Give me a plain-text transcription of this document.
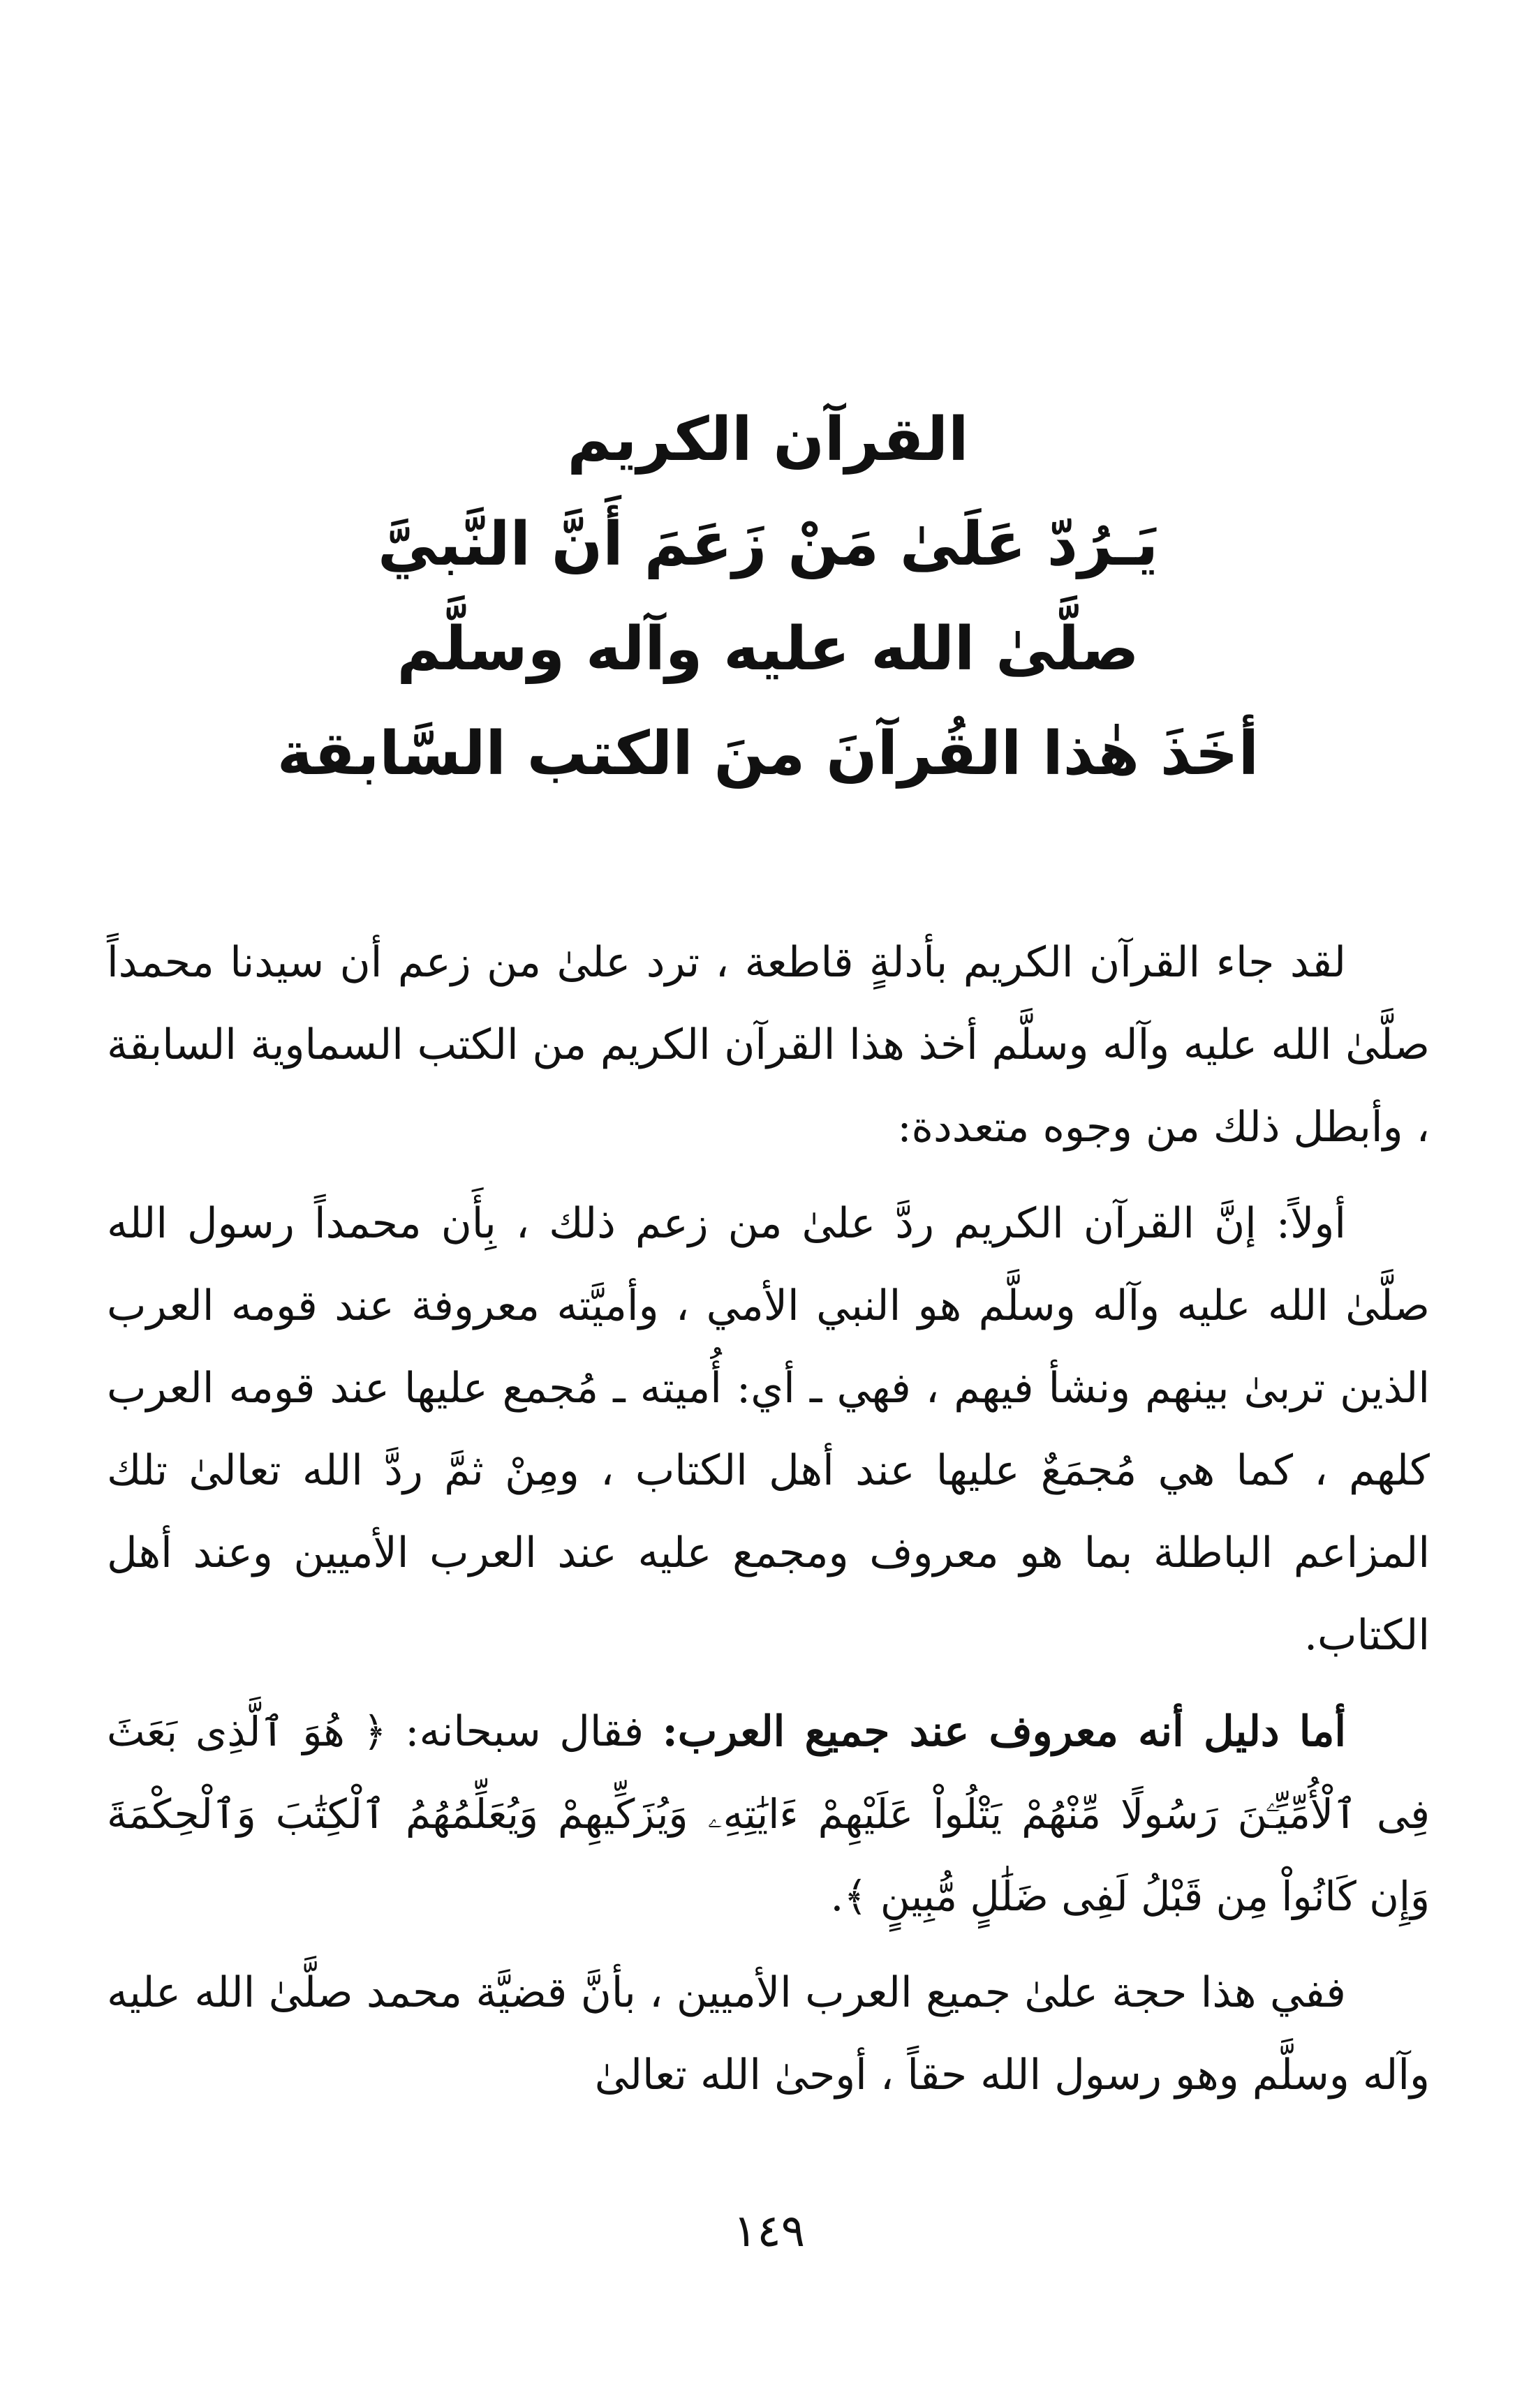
القرآن الكريم
يَـرُدّ عَلَىٰ مَنْ زَعَمَ أَنَّ النَّبيَّ
صلَّىٰ الله عليه وآله وسلَّم
أخَذَ هٰذا القُرآنَ منَ الكتب السَّابقة

لقد جاء القرآن الكريم بأدلةٍ قاطعة ، ترد علىٰ من زعم أن سيدنا محمداً صلَّىٰ الله عليه وآله وسلَّم أخذ هذا القرآن الكريم من الكتب السماوية السابقة ، وأبطل ذلك من وجوه متعددة:

أولاً: إنَّ القرآن الكريم ردَّ علىٰ من زعم ذلك ، بِأَن محمداً رسول الله صلَّىٰ الله عليه وآله وسلَّم هو النبي الأمي ، وأميَّته معروفة عند قومه العرب الذين تربىٰ بينهم ونشأ فيهم ، فهي ـ أي: أُميته ـ مُجمع عليها عند قومه العرب كلهم ، كما هي مُجمَعٌ عليها عند أهل الكتاب ، ومِنْ ثمَّ ردَّ الله تعالىٰ تلك المزاعم الباطلة بما هو معروف ومجمع عليه عند العرب الأميين وعند أهل الكتاب.

أما دليل أنه معروف عند جميع العرب: فقال سبحانه: ﴿ هُوَ ٱلَّذِى بَعَثَ فِى ٱلْأُمِّيِّـۧنَ رَسُولًا مِّنْهُمْ يَتْلُواْ عَلَيْهِمْ ءَايَٰتِهِۦ وَيُزَكِّيهِمْ وَيُعَلِّمُهُمُ ٱلْكِتَٰبَ وَٱلْحِكْمَةَ وَإِن كَانُواْ مِن قَبْلُ لَفِى ضَلَٰلٍ مُّبِينٍ ﴾.

ففي هذا حجة علىٰ جميع العرب الأميين ، بأنَّ قضيَّة محمد صلَّىٰ الله عليه وآله وسلَّم وهو رسول الله حقاً ، أوحىٰ الله تعالىٰ

١٤٩
